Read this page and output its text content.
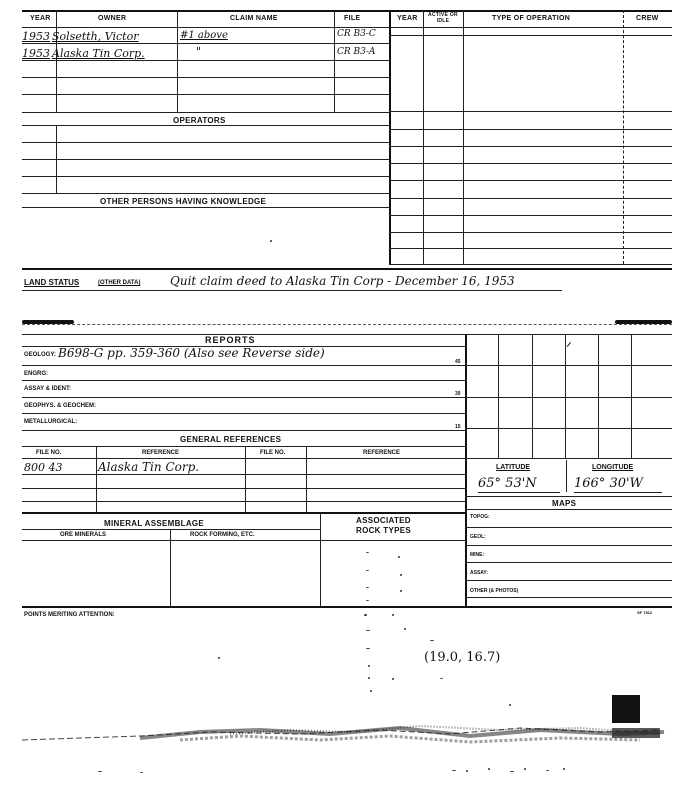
YEAR	OWNER	CLAIM NAME	FILE	YEAR	ACTIVE OR IDLE	TYPE OF OPERATION	CREW
1953 Solsetth, Victor	#1 above	CR B3-C
1953 Alaska Tin Corp.	"	CR B3-A
OPERATORS
OTHER PERSONS HAVING KNOWLEDGE
LAND STATUS	(OTHER DATA) Quit claim deed to Alaska Tin Corp - December 16, 1953
REPORTS
GEOLOGY: B698-G pp. 359-360 (Also see Reverse side)
45
ENGRG:
ASSAY & IDENT:
30
GEOPHYS. & GEOCHEM:
METALLURGICAL:
15
ᐟ
LATITUDE	LONGITUDE
65° 53'N	166° 30'W
MAPS
TOPOG:
GEOL:
MINE:
ASSAY:
OTHER (& PHOTOS)
GENERAL REFERENCES
FILE NO.	REFERENCE	FILE NO.	REFERENCE
800 43	Alaska Tin Corp.
MINERAL ASSEMBLAGE	ASSOCIATED
ROCK TYPES
ORE MINERALS	ROCK FORMING, ETC.
POINTS MERITING ATTENTION:	SF 7812
(19.0, 16.7)
